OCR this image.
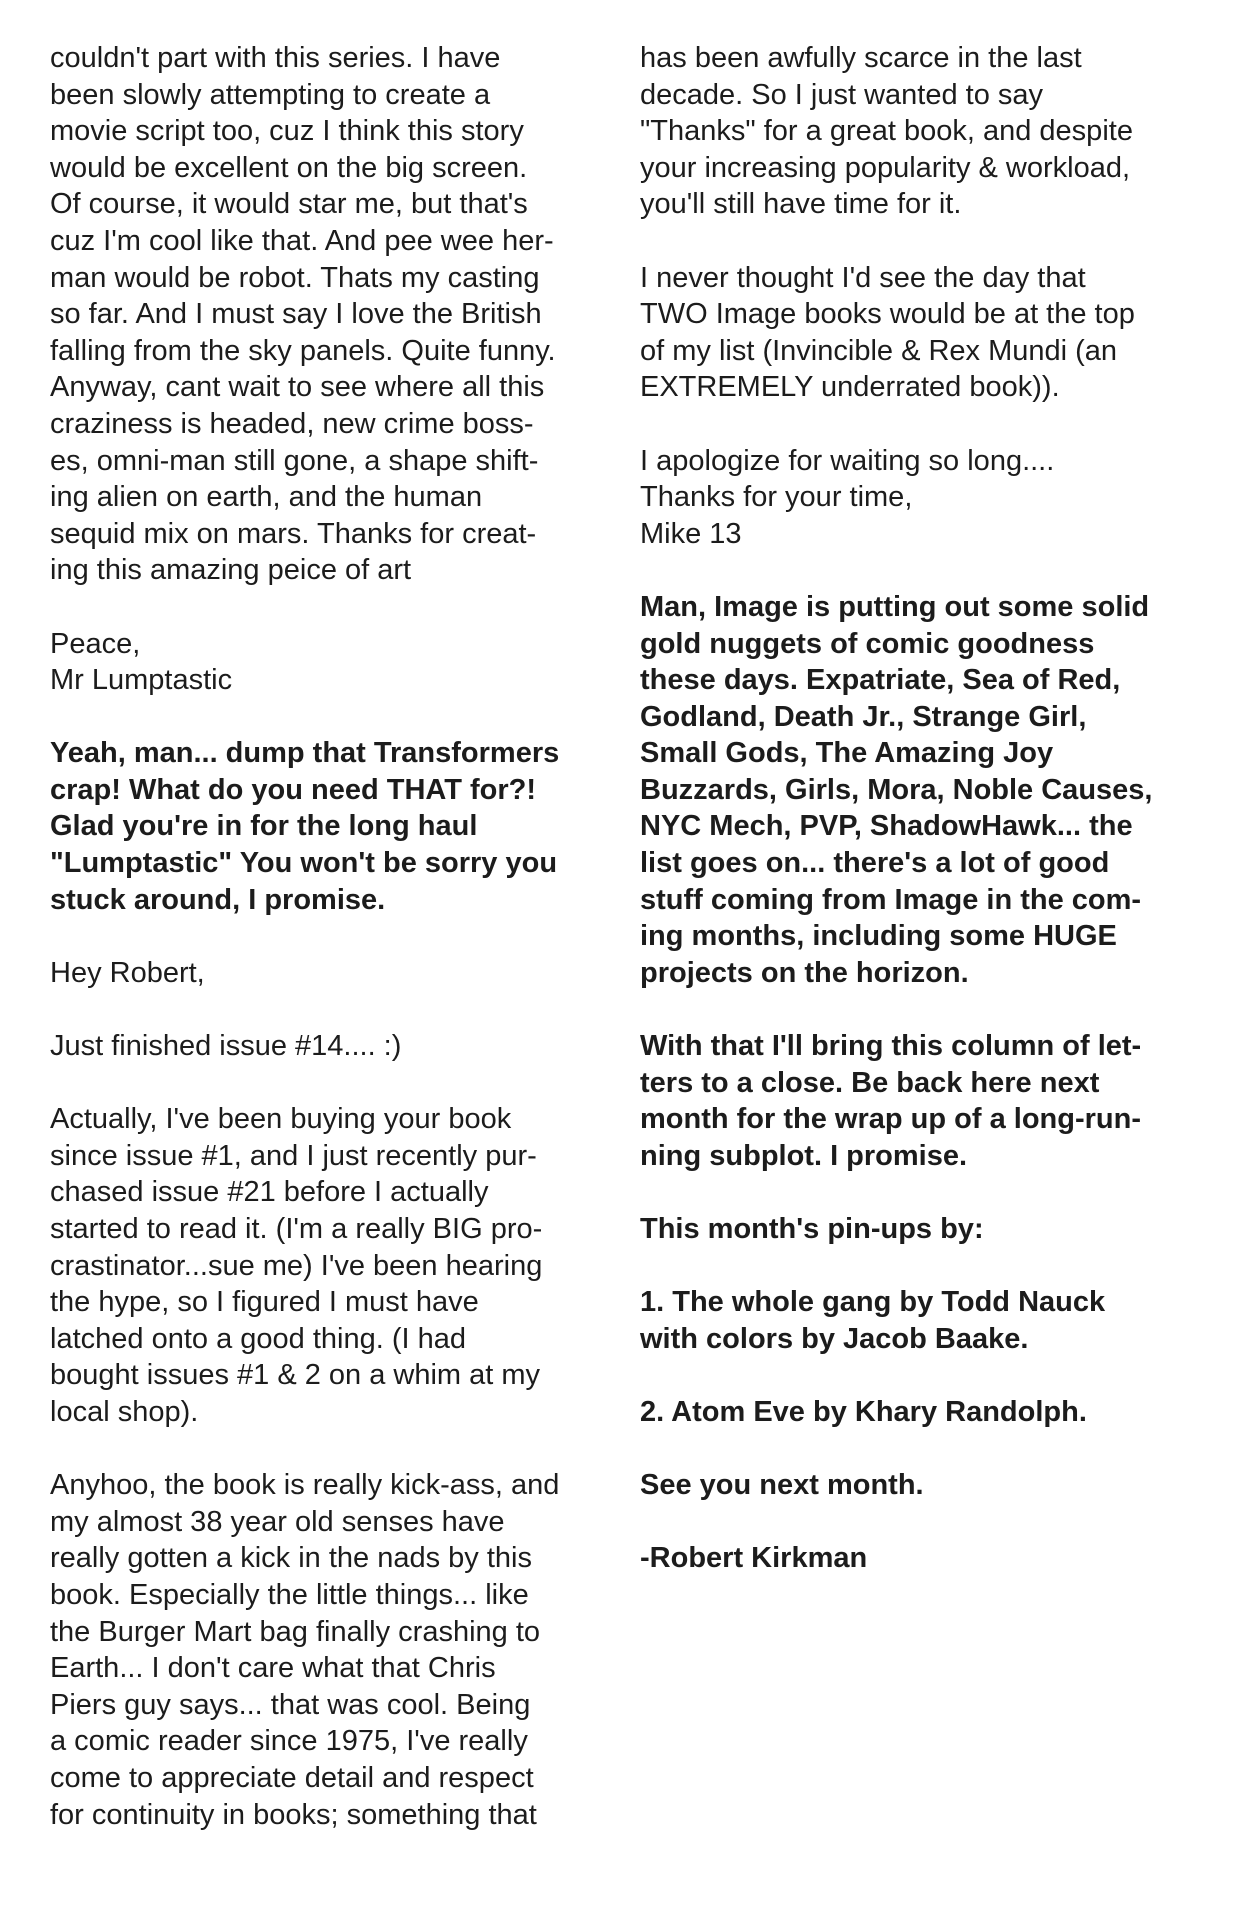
couldn't part with this series. I have
been slowly attempting to create a
movie script too, cuz I think this story
would be excellent on the big screen.
Of course, it would star me, but that's
cuz I'm cool like that. And pee wee her-
man would be robot. Thats my casting
so far. And I must say I love the British
falling from the sky panels. Quite funny.
Anyway, cant wait to see where all this
craziness is headed, new crime boss-
es, omni-man still gone, a shape shift-
ing alien on earth, and the human
sequid mix on mars. Thanks for creat-
ing this amazing peice of art

Peace,
Mr Lumptastic

Yeah, man... dump that Transformers
crap! What do you need THAT for?!
Glad you're in for the long haul
"Lumptastic" You won't be sorry you
stuck around, I promise.

Hey Robert,

Just finished issue #14.... :)

Actually, I've been buying your book
since issue #1, and I just recently pur-
chased issue #21 before I actually
started to read it. (I'm a really BIG pro-
crastinator...sue me) I've been hearing
the hype, so I figured I must have
latched onto a good thing. (I had
bought issues #1 & 2 on a whim at my
local shop).

Anyhoo, the book is really kick-ass, and
my almost 38 year old senses have
really gotten a kick in the nads by this
book. Especially the little things... like
the Burger Mart bag finally crashing to
Earth... I don't care what that Chris
Piers guy says... that was cool. Being
a comic reader since 1975, I've really
come to appreciate detail and respect
for continuity in books; something that

has been awfully scarce in the last
decade. So I just wanted to say
"Thanks" for a great book, and despite
your increasing popularity & workload,
you'll still have time for it.

I never thought I'd see the day that
TWO Image books would be at the top
of my list (Invincible & Rex Mundi (an
EXTREMELY underrated book)).

I apologize for waiting so long....
Thanks for your time,
Mike 13

Man, Image is putting out some solid
gold nuggets of comic goodness
these days. Expatriate, Sea of Red,
Godland, Death Jr., Strange Girl,
Small Gods, The Amazing Joy
Buzzards, Girls, Mora, Noble Causes,
NYC Mech, PVP, ShadowHawk... the
list goes on... there's a lot of good
stuff coming from Image in the com-
ing months, including some HUGE
projects on the horizon.

With that I'll bring this column of let-
ters to a close. Be back here next
month for the wrap up of a long-run-
ning subplot. I promise.

This month's pin-ups by:

1. The whole gang by Todd Nauck
with colors by Jacob Baake.

2. Atom Eve by Khary Randolph.

See you next month.

-Robert Kirkman
